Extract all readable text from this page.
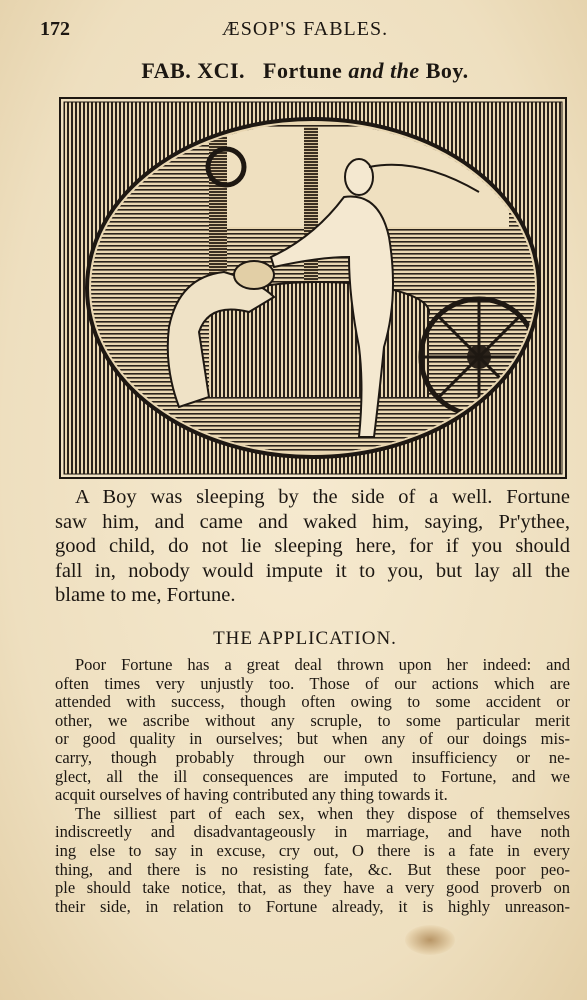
172	ÆSOP'S FABLES.
FAB. XCI. Fortune and the Boy.
A Boy was sleeping by the side of a well. Fortune
saw him, and came and waked him, saying, Pr'ythee,
good child, do not lie sleeping here, for if you should
fall in, nobody would impute it to you, but lay all the
blame to me, Fortune.
THE APPLICATION.
Poor Fortune has a great deal thrown upon her indeed: and
often times very unjustly too. Those of our actions which are
attended with success, though often owing to some accident or
other, we ascribe without any scruple, to some particular merit
or good quality in ourselves; but when any of our doings mis-
carry, though probably through our own insufficiency or ne-
glect, all the ill consequences are imputed to Fortune, and we
acquit ourselves of having contributed any thing towards it.
The silliest part of each sex, when they dispose of themselves
indiscreetly and disadvantageously in marriage, and have noth
ing else to say in excuse, cry out, O there is a fate in every
thing, and there is no resisting fate, &c. But these poor peo-
ple should take notice, that, as they have a very good proverb on
their side, in relation to Fortune already, it is highly unreason-
